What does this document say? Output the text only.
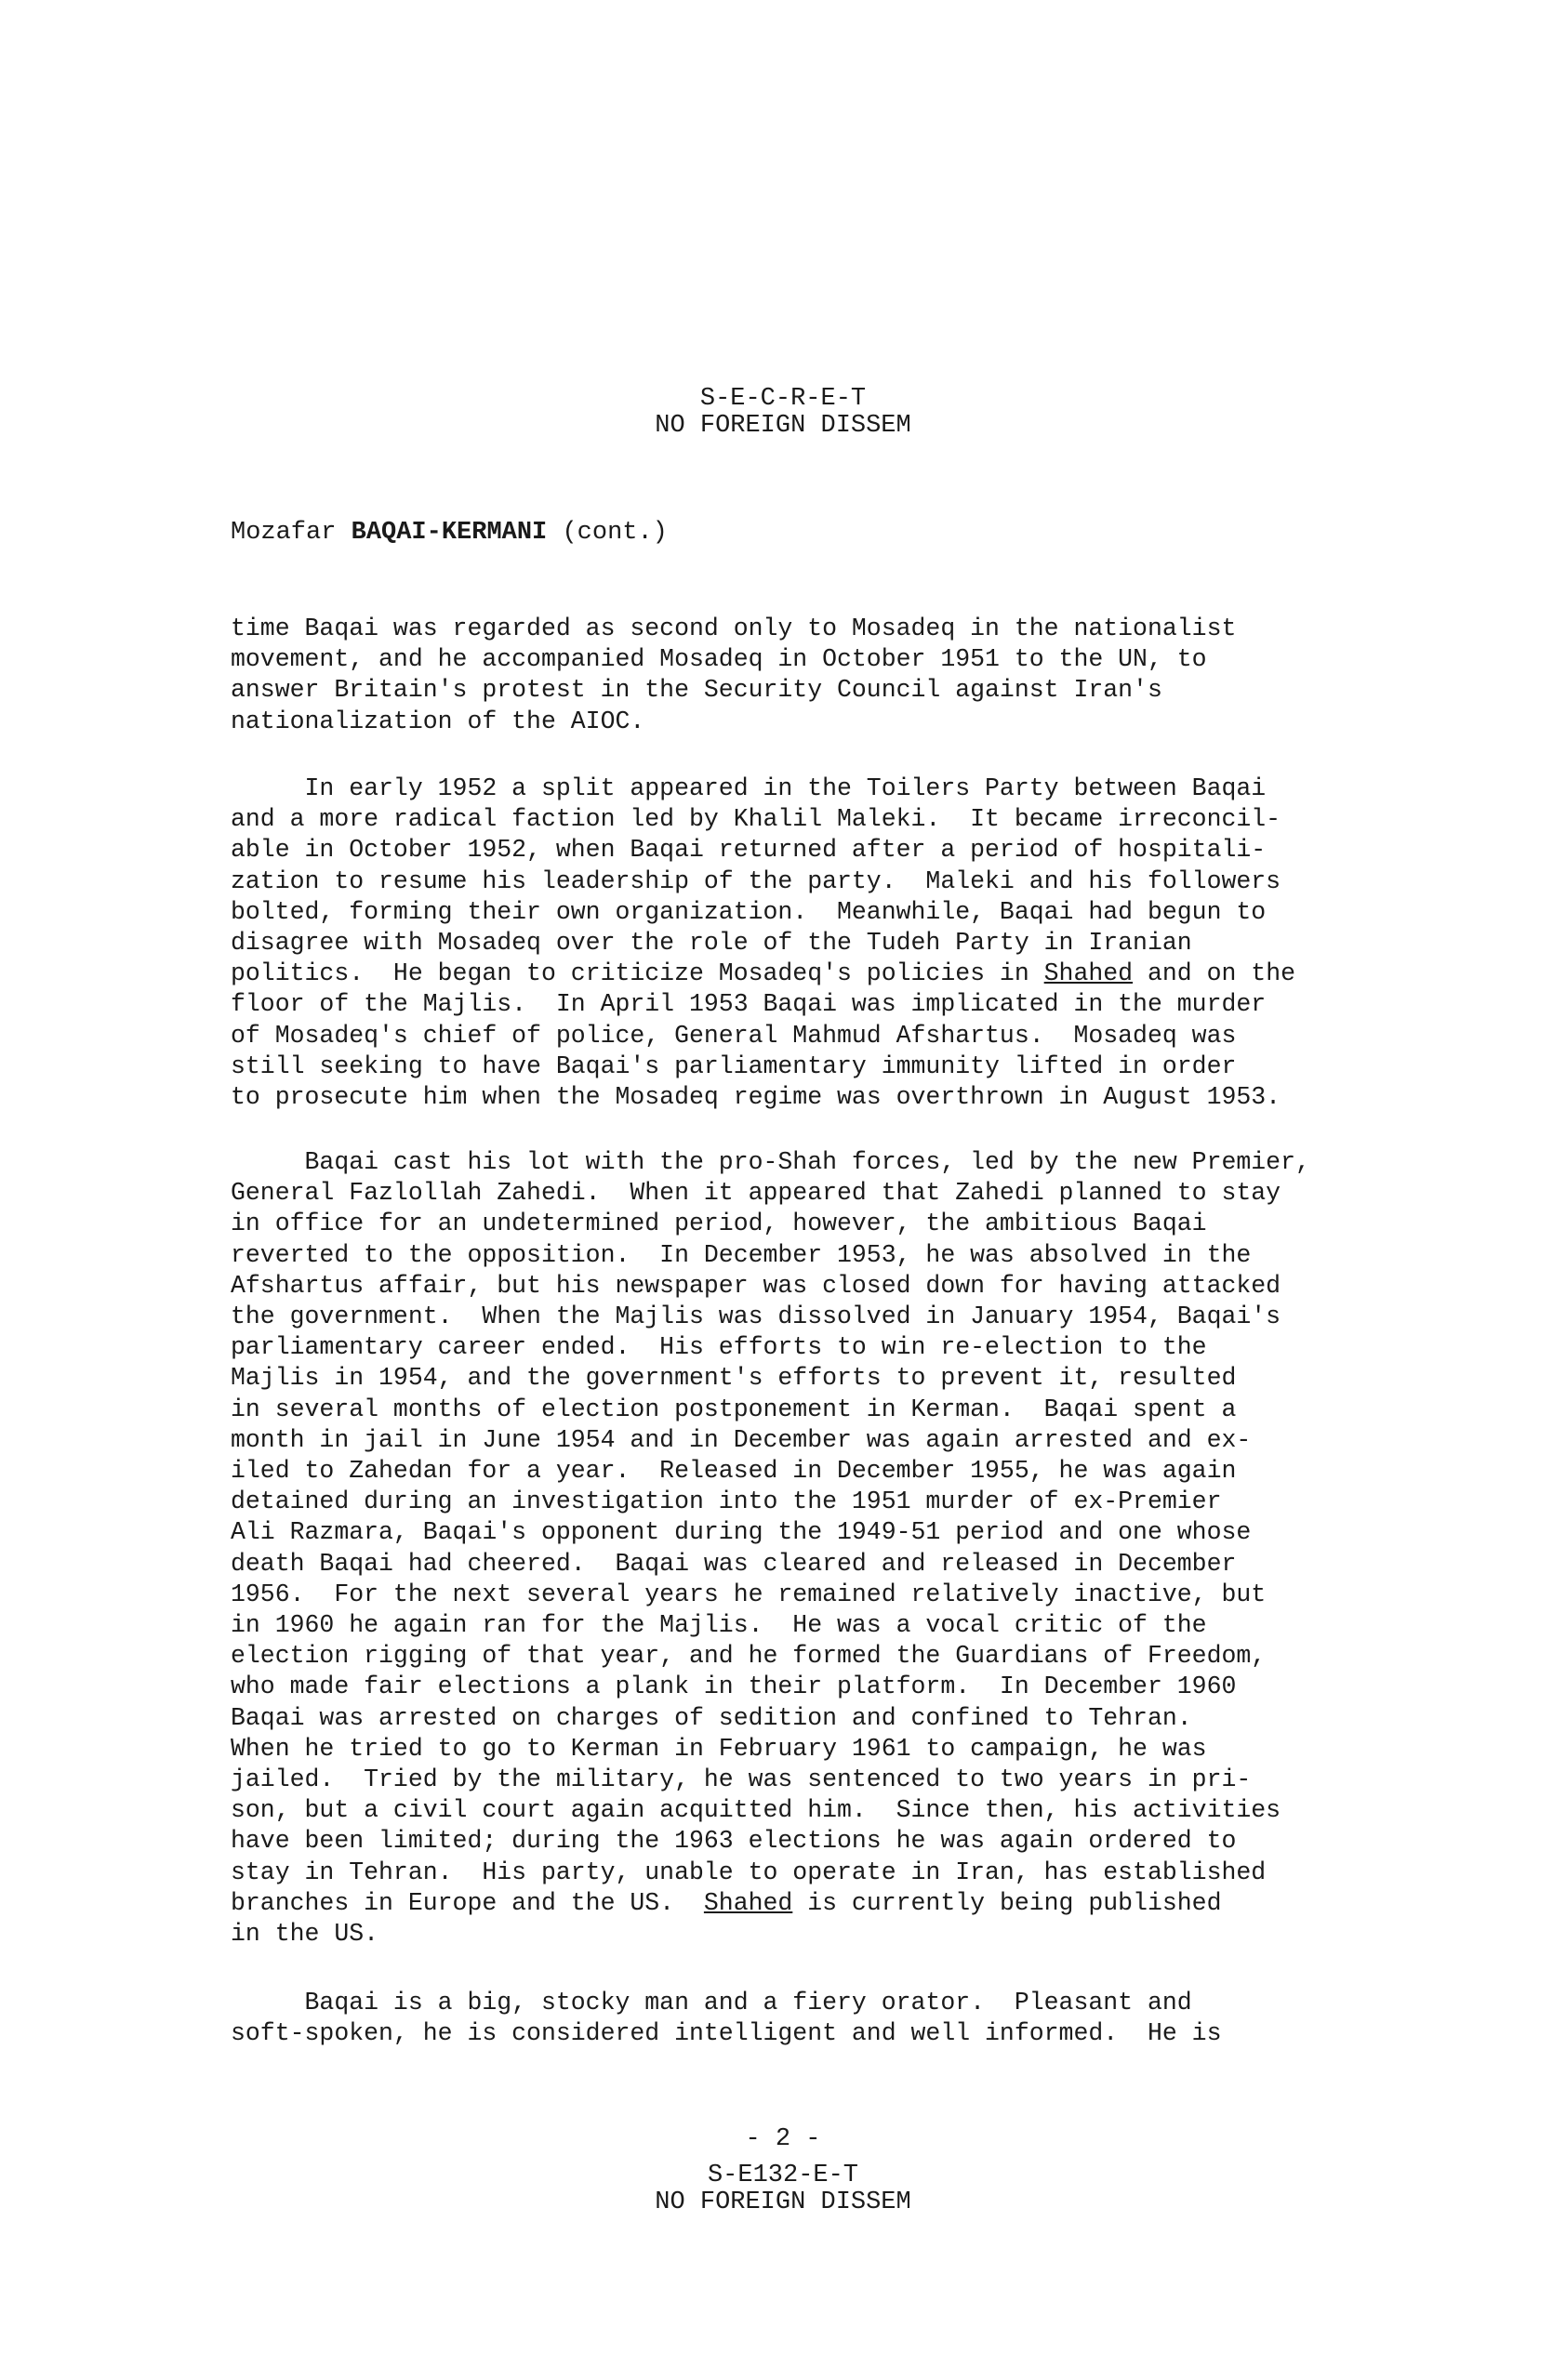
S-E-C-R-E-T
NO FOREIGN DISSEM
Mozafar BAQAI-KERMANI (cont.)
time Baqai was regarded as second only to Mosadeq in the nationalist
movement, and he accompanied Mosadeq in October 1951 to the UN, to
answer Britain's protest in the Security Council against Iran's
nationalization of the AIOC.
In early 1952 a split appeared in the Toilers Party between Baqai
and a more radical faction led by Khalil Maleki.  It became irreconcil-
able in October 1952, when Baqai returned after a period of hospitali-
zation to resume his leadership of the party.  Maleki and his followers
bolted, forming their own organization.  Meanwhile, Baqai had begun to
disagree with Mosadeq over the role of the Tudeh Party in Iranian
politics.  He began to criticize Mosadeq's policies in Shahed and on the
floor of the Majlis.  In April 1953 Baqai was implicated in the murder
of Mosadeq's chief of police, General Mahmud Afshartus.  Mosadeq was
still seeking to have Baqai's parliamentary immunity lifted in order
to prosecute him when the Mosadeq regime was overthrown in August 1953.
Baqai cast his lot with the pro-Shah forces, led by the new Premier,
General Fazlollah Zahedi.  When it appeared that Zahedi planned to stay
in office for an undetermined period, however, the ambitious Baqai
reverted to the opposition.  In December 1953, he was absolved in the
Afshartus affair, but his newspaper was closed down for having attacked
the government.  When the Majlis was dissolved in January 1954, Baqai's
parliamentary career ended.  His efforts to win re-election to the
Majlis in 1954, and the government's efforts to prevent it, resulted
in several months of election postponement in Kerman.  Baqai spent a
month in jail in June 1954 and in December was again arrested and ex-
iled to Zahedan for a year.  Released in December 1955, he was again
detained during an investigation into the 1951 murder of ex-Premier
Ali Razmara, Baqai's opponent during the 1949-51 period and one whose
death Baqai had cheered.  Baqai was cleared and released in December
1956.  For the next several years he remained relatively inactive, but
in 1960 he again ran for the Majlis.  He was a vocal critic of the
election rigging of that year, and he formed the Guardians of Freedom,
who made fair elections a plank in their platform.  In December 1960
Baqai was arrested on charges of sedition and confined to Tehran.
When he tried to go to Kerman in February 1961 to campaign, he was
jailed.  Tried by the military, he was sentenced to two years in pri-
son, but a civil court again acquitted him.  Since then, his activities
have been limited; during the 1963 elections he was again ordered to
stay in Tehran.  His party, unable to operate in Iran, has established
branches in Europe and the US.  Shahed is currently being published
in the US.
Baqai is a big, stocky man and a fiery orator.  Pleasant and
soft-spoken, he is considered intelligent and well informed.  He is
- 2 -
S-E132-E-T
NO FOREIGN DISSEM
